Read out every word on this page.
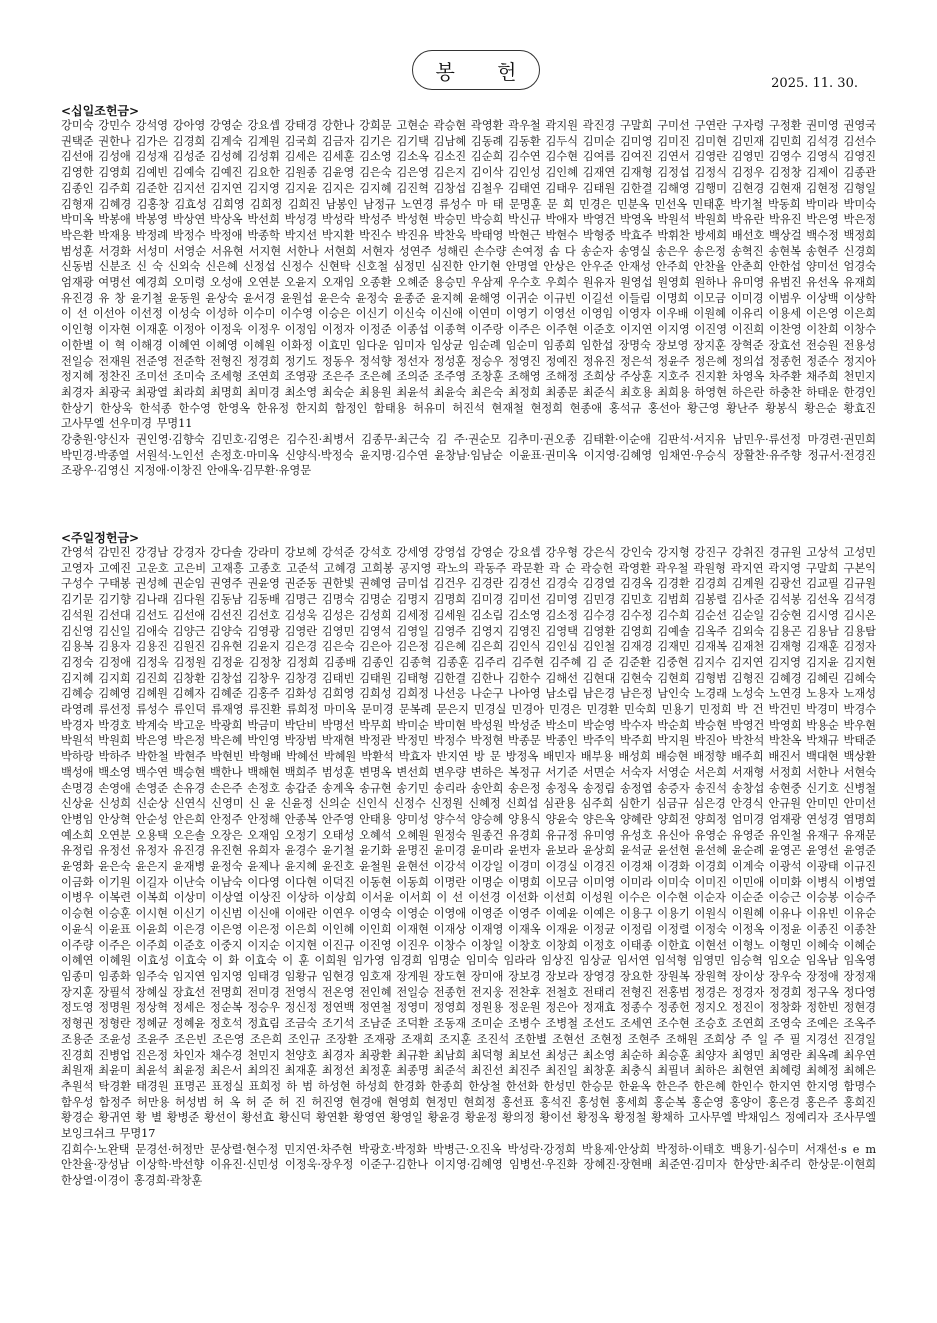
봉 헌	2025. 11. 30.
<십일조헌금>
강미숙 강민수 강석영 강아영 강영순 강요셉 강태경 강한나 강희문 고현순 곽승현 곽영환 곽우철 곽지원 곽진경 구말희 구미선 구연란 구자령 구정환 권미영 권영국 권택준 권한나 김가은 김경희 김계숙 김계원 김국희 김금자 김기은 김기택 김남혜 김동례 김동환 김두식 김미순 김미영 김미진 김미현 김민재 김민희 김석경 김선수 김선애 김성애 김성재 김성준 김성혜 김성휘 김세은 김세훈 김소영 김소옥 김소진 김순희 김수연 김수현 김여름 김여진 김연서 김영란 김영민 김영수 김영식 김영진 김영한 김영희 김예빈 김예숙 김예진 김요한 김원종 김윤영 김은숙 김은영 김은지 김이삭 김인성 김인혜 김재연 김재형 김정섭 김정식 김정우 김정창 김제이 김종관 김종인 김주희 김준한 김지선 김지연 김지영 김지윤 김지은 김지혜 김진혁 김창섭 김철우 김태연 김태우 김태원 김한결 김해영 김행미 김현경 김현재 김현정 김형일 김형재 김혜경 김홍창 김효성 김희영 김희정 김희진 남봉인 남정규 노연경 류성수 마 태 문명훈 문 희 민경은 민분옥 민선옥 민태훈 박기철 박동희 박미라 박미숙 박미옥 박봉애 박봉영 박상연 박상옥 박선희 박성경 박성락 박성주 박성현 박승민 박승희 박신규 박애자 박영건 박영옥 박원석 박원희 박유란 박유진 박은영 박은정 박은환 박재용 박정례 박정수 박정애 박종학 박지선 박지환 박진수 박진유 박찬욱 박태영 박현근 박현수 박형중 박효주 박휘찬 방세희 배선호 백상걸 백수정 백정희 범성훈 서경화 서성미 서영순 서유현 서지현 서한나 서현희 서현자 성연주 성해린 손수량 손여정 솜 다 송순자 송영실 송은우 송은정 송혁진 송현복 송현주 신경희 신동범 신분조 신 숙 신외숙 신은혜 신정섭 신정수 신현탁 신호철 심정민 심진한 안기현 안명열 안상은 안우준 안재성 안주희 안찬율 안춘희 안한섭 양미선 엄경숙 엄재광 여명선 예경희 오미령 오성애 오연분 오윤지 오재임 오종환 오혜준 용승민 우삼제 우수호 우희수 원유자 원영섭 원영희 원하나 유미영 유범진 유선옥 유재희 유진경 유 창 윤기철 윤동원 윤상숙 윤서경 윤원섭 윤은숙 윤정숙 윤종준 윤지혜 윤해영 이귀순 이규빈 이길선 이들림 이명희 이모금 이미경 이범우 이상백 이상학 이 선 이선아 이선정 이성숙 이성하 이수미 이수영 이승은 이신기 이신숙 이신애 이연미 이영기 이영선 이영임 이영자 이우배 이원혜 이유리 이용세 이은영 이은희 이인형 이자현 이재훈 이정아 이정욱 이정우 이정임 이정자 이정준 이종섭 이종혁 이주랑 이주은 이주현 이준호 이지연 이지영 이진영 이진희 이찬영 이찬희 이창수 이한별 이 혁 이해경 이혜연 이혜영 이혜원 이화정 이효민 임다운 임미자 임상균 임순례 임순미 임종희 임한섭 장명숙 장보영 장지훈 장혁준 장효선 전승원 전용성 전일승 전재원 전준영 전준학 전형진 정경희 정기도 정동우 정석향 정선자 정성훈 정승우 정영진 정예진 정유진 정은석 정윤주 정은혜 정의섭 정종헌 정준수 정지아 정지혜 정찬진 조미선 조미숙 조세형 조연희 조영광 조은주 조은혜 조의준 조주영 조창훈 조해영 조해정 조희상 주상훈 지호주 진지환 차영옥 차주환 채주희 천민지 최경자 최광국 최광열 최라희 최명희 최미경 최소영 최숙순 최용원 최윤석 최윤숙 최은숙 최정희 최종문 최준식 최호용 최희용 하영현 하은란 하충찬 하태운 한경인 한상기 한상욱 한석종 한수영 한영옥 한유정 한지희 함정인 함태용 허유미 허진석 현재철 현정희 현종애 홍석규 홍선아 황근영 황난주 황봉식 황은순 황효진 고사무엘 선우미경 무명11
강충원·양신자 권인영·김향숙 김민호·김영은 김수진·최병서 김종무·최근숙 김 주·권순모 김추미·권오종 김태환·이순애 김판석·서지유 남민우·류선정 마경련·권민희 박민경·박종열 서원석·노인선 손정호·마미옥 신양식·박정숙 윤지명·김수연 윤창남·임남순 이윤표·권미옥 이지영·김혜영 임채연·우승식 장활찬·유주향 정규서·전경진 조광우·김영신 지정애·이창진 안애옥·김무환·유영문
<주일정헌금>
간영석 감민진 강경남 강경자 강다솔 강라미 강보혜 강석준 강석호 강세영 강영섭 강영순 강요셉 강우형 강은식 강인숙 강지형 강진구 강취진 경규원 고상석 고성민 고영자 고예진 고운호 고은비 고재흥 고종호 고준석 고혜경 고희봉 공지영 곽노의 곽동주 곽문환 곽 순 곽승헌 곽영환 곽우철 곽원형 곽지연 곽지영 구말희 구본익 구성수 구태봉 권성혜 권순임 권영주 권윤영 권준동 권한빛 권혜영 금미섭 김건우 김경란 김경선 김경숙 김경열 김경옥 김경환 김경희 김계원 김광선 김교필 김규원 김기문 김기향 김나래 김다원 김동남 김동배 김명근 김명숙 김명순 김명지 김명희 김미경 김미선 김미영 김민경 김민호 김범희 김봉렬 김사준 김석봉 김선옥 김석경 김석원 김선대 김선도 김선애 김선진 김선호 김성욱 김성은 김성희 김세정 김세원 김소림 김소영 김소정 김수경 김수정 김수희 김순선 김순일 김숭현 김시영 김시온 김신영 김신일 김애숙 김양근 김양숙 김영광 김영란 김영민 김영석 김영일 김영주 김영지 김영진 김영택 김영환 김영희 김예솔 김옥주 김외숙 김용곤 김용남 김용탐 김용복 김용자 김용진 김원진 김유현 김윤지 김은경 김은숙 김은아 김은정 김은혜 김은희 김인식 김인심 김인철 김재경 김재민 김재복 김재천 김재형 김재훈 김정자 김정숙 김정애 김정욱 김정원 김정윤 김정창 김정희 김종배 김종인 김종혁 김종훈 김주리 김주현 김주혜 김 준 김준환 김중현 김지수 김지연 김지영 김지윤 김지현 김지혜 김지희 김진희 김창환 김창섭 김창우 김창경 김태빈 김태원 김태형 김한결 김한나 김한수 김해선 김현대 김현숙 김현희 김형범 김형진 김혜경 김혜린 김혜숙 김혜승 김혜영 김혜원 김혜자 김혜준 김홍주 김화성 김희영 김희성 김희정 나선응 나순구 나아영 남소림 남은경 남은정 남인숙 노경래 노성숙 노연경 노용자 노재성 라영례 류선정 류성수 류인덕 류재영 류진환 류희정 마미옥 문미경 문복례 문은지 민경실 민경아 민경은 민경환 민숙희 민용기 민정희 박 건 박건민 박경미 박경수 박경자 박경호 박계숙 박고운 박광희 박금미 박단비 박명선 박무희 박미순 박미현 박성원 박성준 박소미 박순영 박수자 박순희 박승현 박영건 박영희 박용순 박우현 박원석 박원희 박은영 박은정 박은혜 박인영 박장범 박재현 박정관 박정민 박정수 박정현 박종문 박종인 박주익 박주희 박지원 박진아 박찬석 박찬옥 박채규 박태준 박하랑 박하주 박한철 박현주 박현빈 박형배 박혜선 박혜원 박환석 박효자 반지연 방 문 방정옥 배민자 배부용 배성희 배승현 배정향 배주희 배진서 백대현 백상환 백성애 백소영 백수연 백승현 백한나 백해현 백희주 범성훈 변명옥 변선희 변우량 변하은 복정규 서기준 서면순 서숙자 서영순 서은희 서재형 서정희 서한나 서현숙 손명경 손영애 손영준 손유경 손은주 손정호 송갑준 송계옥 송규현 송기민 송리라 송안희 송은정 송정옥 송정림 송정엽 송증자 송진석 송창섭 송현중 신기호 신병철 신상윤 신성희 신순상 신연식 신영미 신 윤 신윤정 신의순 신인식 신정수 신정원 신혜정 신희섭 심관용 심주희 심한기 심금규 심은경 안경식 안규원 안미민 안미선 안병임 안상혁 안순성 안은희 안정주 안정해 안종복 안주영 안태용 양미성 양수석 양승혜 양용식 양윤숙 양은옥 양혜란 양희전 양희정 엄미경 엄재광 연성경 염명희 예소희 오연분 오용택 오은솔 오장은 오재임 오정기 오태성 오혜석 오혜원 원정숙 원종건 유경희 유규정 유미영 유성호 유신아 유영순 유영준 유인철 유재구 유재문 유정림 유정선 유정자 유진경 유진현 유희자 윤경수 윤기철 윤기화 윤명진 윤미경 윤미라 윤번자 윤보라 윤상희 윤석균 윤선현 윤선혜 윤순례 윤영곤 윤영선 윤영준 윤영화 윤은숙 윤은지 윤재병 윤정숙 윤제나 윤지혜 윤진호 윤철원 윤현선 이강석 이강일 이경미 이경실 이경진 이경채 이경화 이경희 이계숙 이광석 이광태 이규진 이금화 이기원 이길자 이난숙 이남숙 이다영 이다현 이덕진 이동현 이동희 이명란 이명순 이명희 이모금 이미영 이미라 이미숙 이미진 이민애 이미화 이병식 이병열 이병우 이복련 이복희 이상미 이상열 이상진 이상하 이상희 이서윤 이서희 이 선 이선경 이선화 이선희 이성원 이수은 이수현 이순자 이순준 이승근 이승봉 이승주 이승현 이승훈 이시현 이신기 이신범 이신애 이애란 이연우 이영숙 이영순 이영애 이영준 이영주 이예윤 이예은 이용구 이용기 이원식 이원혜 이유나 이유빈 이유순 이윤식 이윤표 이윤희 이은경 이은영 이은정 이은희 이인혜 이인희 이재현 이재상 이재영 이재옥 이재윤 이정균 이정림 이정렬 이정숙 이정옥 이정윤 이종진 이종찬 이주량 이주은 이주희 이준호 이중지 이지순 이지현 이진규 이진영 이진우 이창수 이창일 이창호 이창희 이정호 이태종 이한효 이현선 이형노 이형민 이혜숙 이혜순 이혜연 이혜원 이효성 이효숙 이 화 이효숙 이 훈 이희원 임가영 임경희 임명순 임미숙 임라라 임상진 임상균 임서연 임석형 임영민 임승혁 임오순 임옥남 임옥영 임종미 임종화 임주숙 임지연 임지영 임태경 임황규 임현경 임호재 장게원 장도현 장미애 장보경 장보라 장영경 장요한 장원복 장원혁 장이상 장우숙 장정애 장정재 장지훈 장필석 장혜실 장효선 전명희 전미경 전영식 전온영 전인혜 전일승 전종헌 전지웅 전찬후 전철호 전태리 전형진 전홍범 정경은 정경자 정경희 정구옥 정다영 정도영 정명원 정상혁 정세은 정순복 정승우 정신정 정연백 정연철 정영미 정영희 정원용 정운원 정은아 정재효 정종수 정종헌 정지오 정진이 정창화 정한빈 정현경 정형권 정형란 정혜균 정혜윤 정호석 정효림 조금숙 조기석 조남준 조덕환 조동재 조미순 조병수 조병철 조선도 조세연 조수현 조승호 조연희 조영숙 조예은 조옥주 조용준 조윤성 조윤주 조은빈 조은영 조은희 조인규 조장환 조재광 조재희 조지훈 조진석 조한별 조현선 조현정 조현주 조해원 조희상 주 일 주 필 지경선 진경일 진경희 진병업 진은정 차인자 채수경 천민지 천양호 최경자 최광환 최규환 최남희 최덕형 최보선 최성근 최소영 최순하 최승훈 최양자 최영민 최영란 최옥례 최우연 최원재 최윤미 최윤석 최윤정 최은서 최의진 최재훈 최정선 최정훈 최종명 최준석 최진선 최진주 최진일 최창훈 최충식 최필녀 최하은 최현연 최혜령 최혜정 최혜은 추원석 탁경환 태경원 표명곤 표정실 표희정 하 범 하성현 하성희 한경화 한종희 한상철 한선화 한성민 한승문 한윤옥 한은주 한은혜 한인수 한지연 한지영 함명수 함우성 함정주 허만용 허성범 허 옥 허 준 허 진 허진영 현경애 현영희 현정민 현희정 홍선표 홍석진 홍성현 홍세희 홍순복 홍순영 홍양이 홍은경 홍은주 홍희진 황경순 황귀연 황 별 황병준 황선이 황선효 황신덕 황연환 황영연 황영일 황윤경 황윤정 황의정 황이선 황정옥 황정철 황채하 고사무엘 박채임스 정예리자 조사무엘 보잉크쉬크 무명17
김희수·노완택 문경선·허정만 문상렬·현수정 민지연·차주현 박광호·박정화 박병근·오진옥 박성락·강정희 박용제·안상희 박정하·이태호 백용기·심수미 서재선·s e m 안찬율·장성남 이상학·박선향 이유진·신민성 이정욱·장우정 이준구·김한나 이지영·김혜영 임병선·우진화 장혜진·장현배 최준연·김미자 한상만·최주리 한상문·이현희 한상열·이경이 홍경희·곽창훈
